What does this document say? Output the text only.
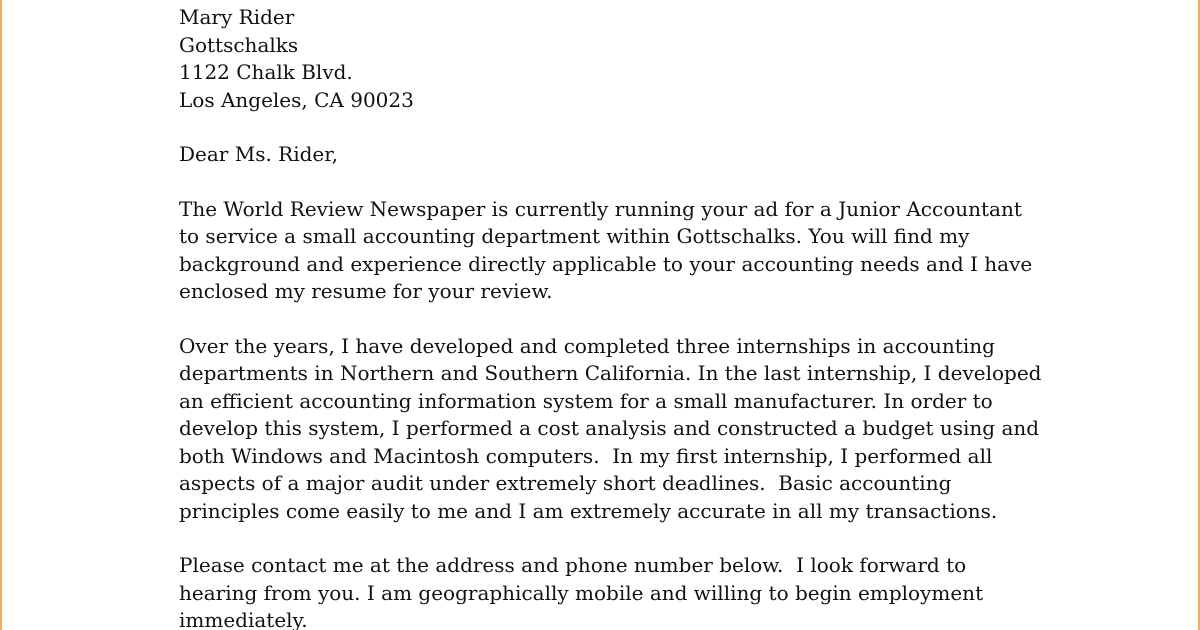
Mary Rider
Gottschalks
1122 Chalk Blvd.
Los Angeles, CA 90023
Dear Ms. Rider,
The World Review Newspaper is currently running your ad for a Junior Accountant
to service a small accounting department within Gottschalks. You will find my
background and experience directly applicable to your accounting needs and I have
enclosed my resume for your review.
Over the years, I have developed and completed three internships in accounting
departments in Northern and Southern California. In the last internship, I developed
an efficient accounting information system for a small manufacturer. In order to
develop this system, I performed a cost analysis and constructed a budget using and
both Windows and Macintosh computers.  In my first internship, I performed all
aspects of a major audit under extremely short deadlines.  Basic accounting
principles come easily to me and I am extremely accurate in all my transactions.
Please contact me at the address and phone number below.  I look forward to
hearing from you. I am geographically mobile and willing to begin employment
immediately.
